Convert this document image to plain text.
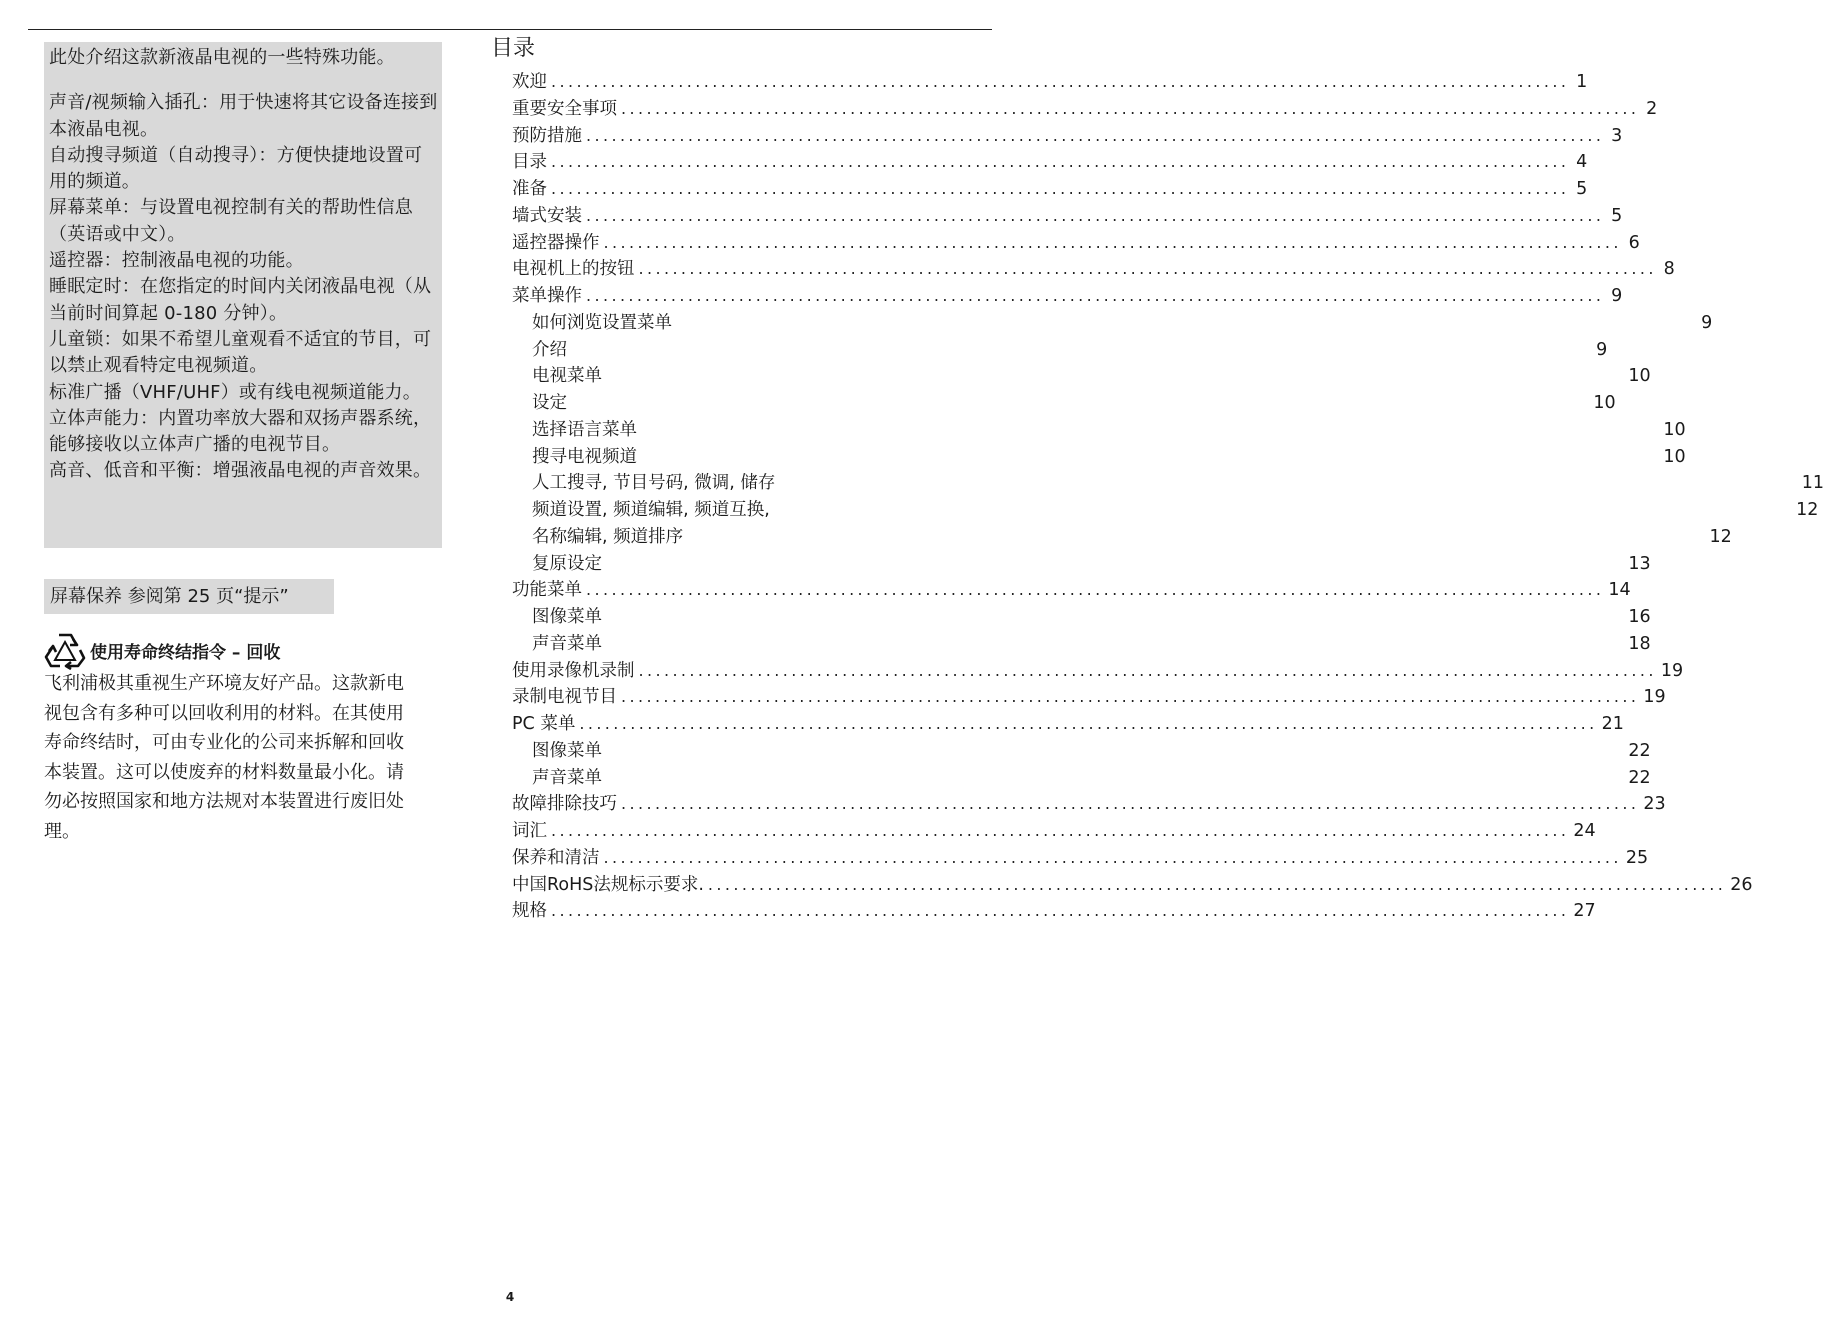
此处介绍这款新液晶电视的一些特殊功能。

声音/视频输入插孔：用于快速将其它设备连接到本液晶电视。

自动搜寻频道（自动搜寻）：方便快捷地设置可用的频道。

屏幕菜单：与设置电视控制有关的帮助性信息（英语或中文）。

遥控器：控制液晶电视的功能。

睡眠定时：在您指定的时间内关闭液晶电视（从当前时间算起 0-180 分钟）。

儿童锁：如果不希望儿童观看不适宜的节目，可以禁止观看特定电视频道。

标准广播（VHF/UHF）或有线电视频道能力。

立体声能力：内置功率放大器和双扬声器系统，能够接收以立体声广播的电视节目。

高音、低音和平衡：增强液晶电视的声音效果。

屏幕保养 参阅第 25 页“提示”
使用寿命终结指令 – 回收

飞利浦极其重视生产环境友好产品。这款新电视包含有多种可以回收利用的材料。在其使用寿命终结时，可由专业化的公司来拆解和回收本装置。这可以使废弃的材料数量最小化。请勿必按照国家和地方法规对本装置进行废旧处理。

目录
欢迎 ........................................................................................................................ 1
重要安全事项 ........................................................................................................................ 2
预防措施 ........................................................................................................................ 3
目录 ........................................................................................................................ 4
准备 ........................................................................................................................ 5
墙式安装 ........................................................................................................................ 5
遥控器操作 ........................................................................................................................ 6
电视机上的按钮 ........................................................................................................................ 8
菜单操作 ........................................................................................................................ 9
如何浏览设置菜单	9
介绍	9
电视菜单	10
设定	10
选择语言菜单	10
搜寻电视频道	10
人工搜寻, 节目号码, 微调, 储存	11
频道设置, 频道编辑, 频道互换,	12
名称编辑, 频道排序	12
复原设定	13
功能菜单 ........................................................................................................................ 14
图像菜单	16
声音菜单	18
使用录像机录制 ........................................................................................................................ 19
录制电视节目 ........................................................................................................................ 19
PC 菜单 ........................................................................................................................ 21
图像菜单	22
声音菜单	22
故障排除技巧 ........................................................................................................................ 23
词汇 ........................................................................................................................ 24
保养和清洁 ........................................................................................................................ 25
中国RoHS法规标示要求. ........................................................................................................................ 26
规格 ........................................................................................................................ 27
4
